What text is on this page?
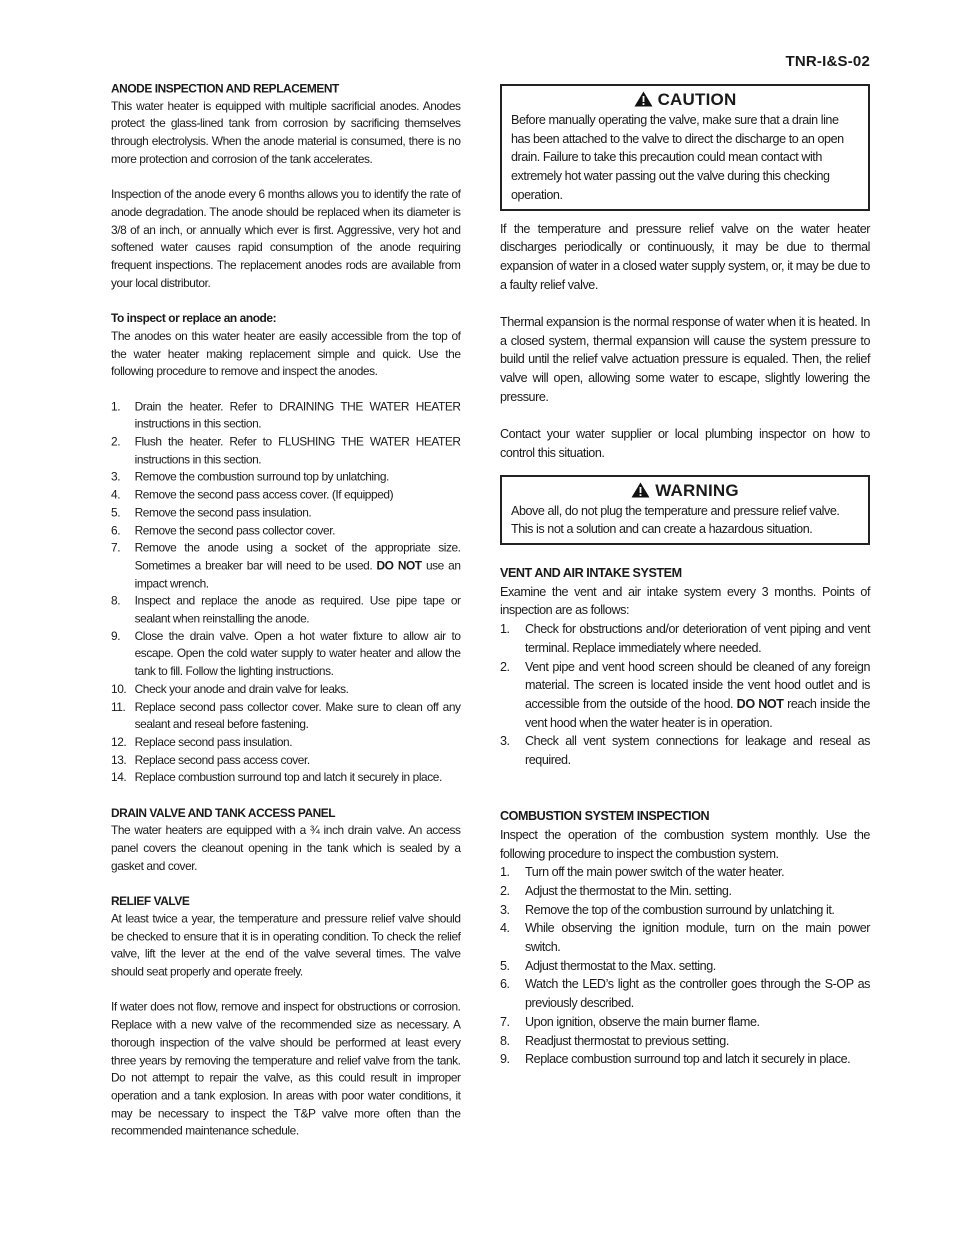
TNR-I&S-02
ANODE INSPECTION AND REPLACEMENT

This water heater is equipped with multiple sacrificial anodes. Anodes protect the glass-lined tank from corrosion by sacrificing themselves through electrolysis. When the anode material is consumed, there is no more protection and corrosion of the tank accelerates.

Inspection of the anode every 6 months allows you to identify the rate of anode degradation. The anode should be replaced when its diameter is 3/8 of an inch, or annually which ever is first. Aggressive, very hot and softened water causes rapid consumption of the anode requiring frequent inspections. The replacement anodes rods are available from your local distributor.

To inspect or replace an anode:

The anodes on this water heater are easily accessible from the top of the water heater making replacement simple and quick. Use the following procedure to remove and inspect the anodes.

1. Drain the heater. Refer to DRAINING THE WATER HEATER instructions in this section.
2. Flush the heater. Refer to FLUSHING THE WATER HEATER instructions in this section.
3. Remove the combustion surround top by unlatching.
4. Remove the second pass access cover. (If equipped)
5. Remove the second pass insulation.
6. Remove the second pass collector cover.
7. Remove the anode using a socket of the appropriate size. Sometimes a breaker bar will need to be used. DO NOT use an impact wrench.
8. Inspect and replace the anode as required. Use pipe tape or sealant when reinstalling the anode.
9. Close the drain valve. Open a hot water fixture to allow air to escape. Open the cold water supply to water heater and allow the tank to fill. Follow the lighting instructions.
10. Check your anode and drain valve for leaks.
11. Replace second pass collector cover. Make sure to clean off any sealant and reseal before fastening.
12. Replace second pass insulation.
13. Replace second pass access cover.
14. Replace combustion surround top and latch it securely in place.
DRAIN VALVE AND TANK ACCESS PANEL

The water heaters are equipped with a ¾ inch drain valve. An access panel covers the cleanout opening in the tank which is sealed by a gasket and cover.

RELIEF VALVE

At least twice a year, the temperature and pressure relief valve should be checked to ensure that it is in operating condition. To check the relief valve, lift the lever at the end of the valve several times. The valve should seat properly and operate freely.

If water does not flow, remove and inspect for obstructions or corrosion. Replace with a new valve of the recommended size as necessary. A thorough inspection of the valve should be performed at least every three years by removing the temperature and relief valve from the tank. Do not attempt to repair the valve, as this could result in improper operation and a tank explosion. In areas with poor water conditions, it may be necessary to inspect the T&P valve more often than the recommended maintenance schedule.

CAUTION

Before manually operating the valve, make sure that a drain line has been attached to the valve to direct the discharge to an open drain. Failure to take this precaution could mean contact with extremely hot water passing out the valve during this checking operation.

If the temperature and pressure relief valve on the water heater discharges periodically or continuously, it may be due to thermal expansion of water in a closed water supply system, or, it may be due to a faulty relief valve.

Thermal expansion is the normal response of water when it is heated. In a closed system, thermal expansion will cause the system pressure to build until the relief valve actuation pressure is equaled. Then, the relief valve will open, allowing some water to escape, slightly lowering the pressure.

Contact your water supplier or local plumbing inspector on how to control this situation.

WARNING

Above all, do not plug the temperature and pressure relief valve. This is not a solution and can create a hazardous situation.

VENT AND AIR INTAKE SYSTEM

Examine the vent and air intake system every 3 months. Points of inspection are as follows:

1. Check for obstructions and/or deterioration of vent piping and vent terminal. Replace immediately where needed.
2. Vent pipe and vent hood screen should be cleaned of any foreign material. The screen is located inside the vent hood outlet and is accessible from the outside of the hood. DO NOT reach inside the vent hood when the water heater is in operation.
3. Check all vent system connections for leakage and reseal as required.
COMBUSTION SYSTEM INSPECTION

Inspect the operation of the combustion system monthly. Use the following procedure to inspect the combustion system.

1. Turn off the main power switch of the water heater.
2. Adjust the thermostat to the Min. setting.
3. Remove the top of the combustion surround by unlatching it.
4. While observing the ignition module, turn on the main power switch.
5. Adjust thermostat to the Max. setting.
6. Watch the LED’s light as the controller goes through the S-OP as previously described.
7. Upon ignition, observe the main burner flame.
8. Readjust thermostat to previous setting.
9. Replace combustion surround top and latch it securely in place.
